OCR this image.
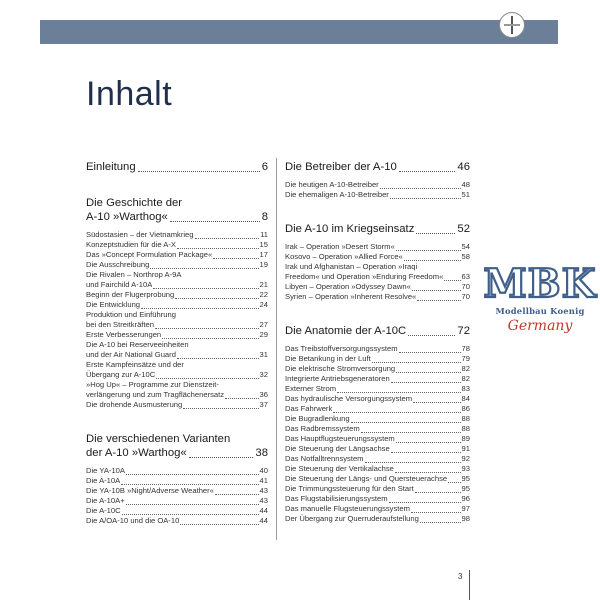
Inhalt
Einleitung	6
Die Geschichte der
A-10 »Warthog«	8
Südostasien – der Vietnamkrieg	11
Konzeptstudien für die A-X	15
Das »Concept Formulation Package«	17
Die Ausschreibung	19
Die Rivalen – Northrop A-9A
und Fairchild A-10A	21
Beginn der Flugerprobung	22
Die Entwicklung	24
Produktion und Einführung
bei den Streitkräften	27
Erste Verbesserungen	29
Die A-10 bei Reserveeinheiten
und der Air National Guard	31
Erste Kampfeinsätze und der
Übergang zur A-10C	32
»Hog Up« – Programme zur Dienstzeit-
verlängerung und zum Tragflächenersatz	36
Die drohende Ausmusterung	37
Die verschiedenen Varianten
der A-10 »Warthog«	38
Die YA-10A	40
Die A-10A	41
Die YA-10B »Night/Adverse Weather«	43
Die A-10A+	43
Die A-10C	44
Die A/OA-10 und die OA-10	44
Die Betreiber der A-10	46
Die heutigen A-10-Betreiber	48
Die ehemaligen A-10-Betreiber	51
Die A-10 im Kriegseinsatz	52
Irak – Operation »Desert Storm«	54
Kosovo – Operation »Allied Force«	58
Irak und Afghanistan – Operation »Iraqi
Freedom« und Operation »Enduring Freedom« 63
Libyen – Operation »Odyssey Dawn«	70
Syrien – Operation »Inherent Resolve«	70
Die Anatomie der A-10C	72
Das Treibstoffversorgungssystem	78
Die Betankung in der Luft	79
Die elektrische Stromversorgung	82
Integrierte Antriebsgeneratoren	82
Externer Strom	83
Das hydraulische Versorgungssystem	84
Das Fahrwerk	86
Die Bugradlenkung	88
Das Radbremssystem	88
Das Hauptflugsteuerungssystem	89
Die Steuerung der Längsachse	91
Das Notfalltrennsystem	92
Die Steuerung der Vertikalachse	93
Die Steuerung der Längs- und Quersteuerachse 95
Die Trimmungssteuerung für den Start	95
Das Flugstabilisierungssystem	96
Das manuelle Flugsteuerungssystem	97
Der Übergang zur Querruderaufstellung	98
MBK
Modellbau Koenig
Germany
3
